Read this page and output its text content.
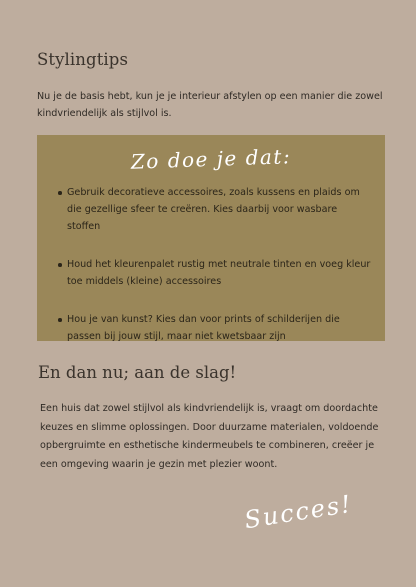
Stylingtips

Nu je de basis hebt, kun je je interieur afstylen op een manier die zowel kindvriendelijk als stijlvol is.

Zo doe je dat:
Gebruik decoratieve accessoires, zoals kussens en plaids om die gezellige sfeer te creëren. Kies daarbij voor wasbare stoffen
Houd het kleurenpalet rustig met neutrale tinten en voeg kleur toe middels (kleine) accessoires
Hou je van kunst? Kies dan voor prints of schilderijen die passen bij jouw stijl, maar niet kwetsbaar zijn
En dan nu; aan de slag!

Een huis dat zowel stijlvol als kindvriendelijk is, vraagt om doordachte keuzes en slimme oplossingen. Door duurzame materialen, voldoende opbergruimte en esthetische kindermeubels te combineren, creëer je een omgeving waarin je gezin met plezier woont.

Succes!
